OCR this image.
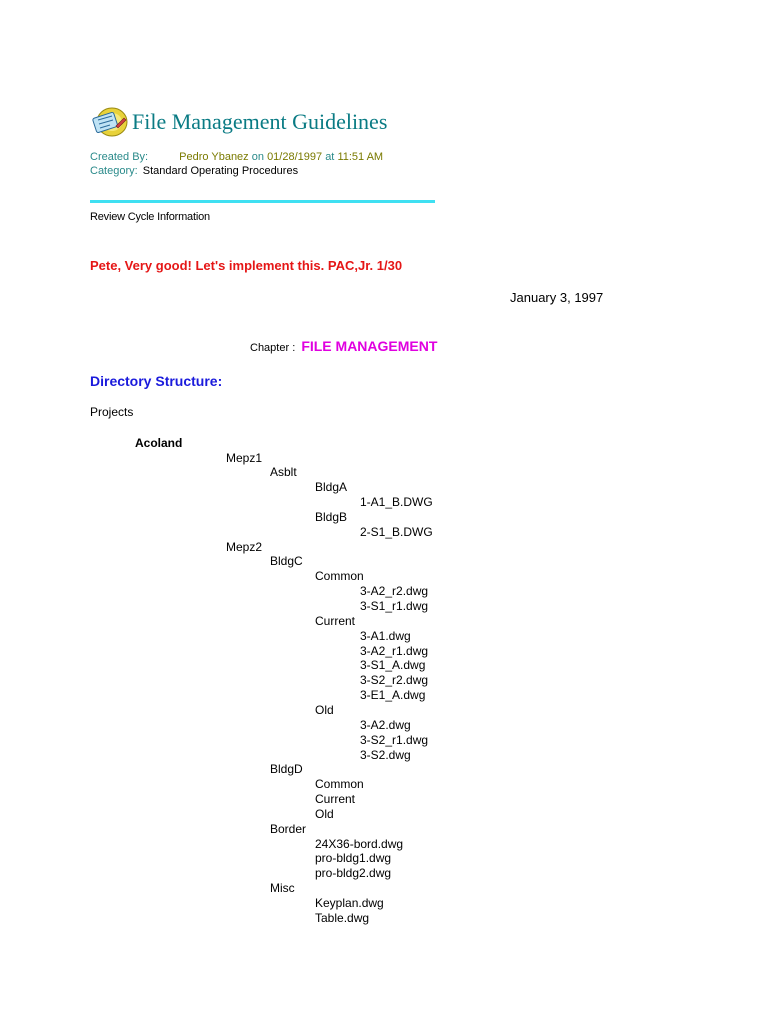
File Management Guidelines
Created By:	Pedro Ybanez on 01/28/1997 at 11:51 AM
Category: Standard Operating Procedures
Review Cycle Information
Pete, Very good! Let's implement this. PAC,Jr. 1/30
January 3, 1997
Chapter : FILE MANAGEMENT
Directory Structure:
Projects
Acoland
Mepz1
Asblt
BldgA
1-A1_B.DWG
BldgB
2-S1_B.DWG
Mepz2
BldgC
Common
3-A2_r2.dwg
3-S1_r1.dwg
Current
3-A1.dwg
3-A2_r1.dwg
3-S1_A.dwg
3-S2_r2.dwg
3-E1_A.dwg
Old
3-A2.dwg
3-S2_r1.dwg
3-S2.dwg
BldgD
Common
Current
Old
Border
24X36-bord.dwg
pro-bldg1.dwg
pro-bldg2.dwg
Misc
Keyplan.dwg
Table.dwg
